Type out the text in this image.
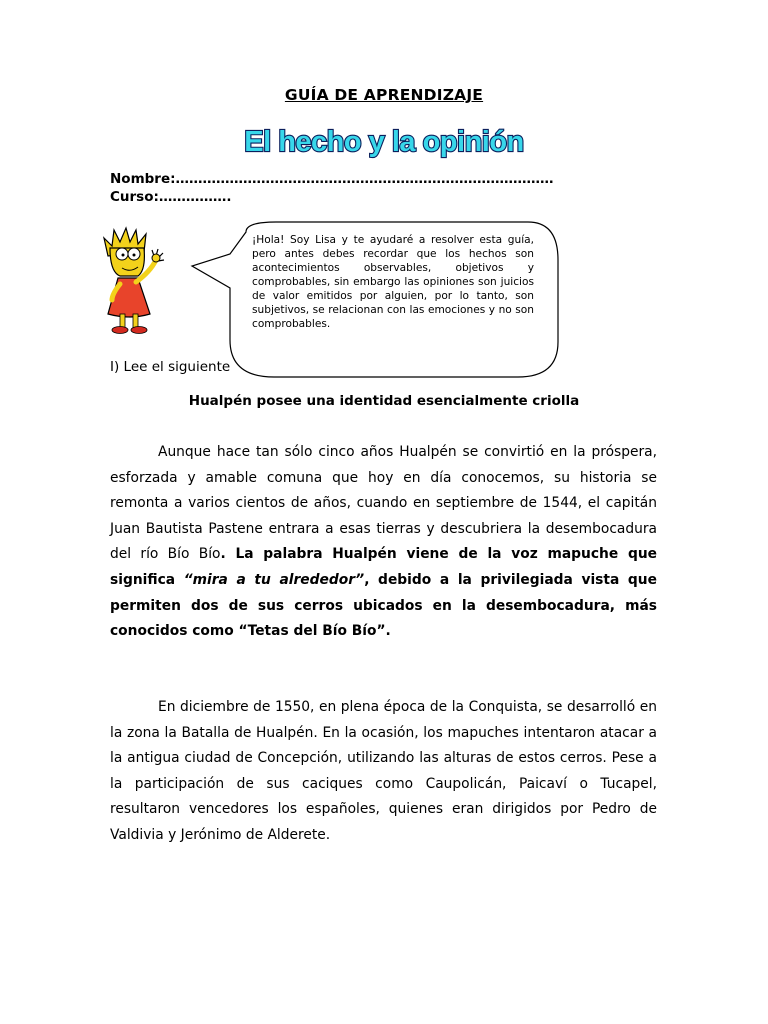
GUÍA DE APRENDIZAJE
El hecho y la opinión
Nombre:…………………………………………………………………………
Curso:…………….
¡Hola! Soy Lisa y te ayudaré a resolver esta guía, pero antes debes recordar que los hechos son acontecimientos observables, objetivos y comprobables, sin embargo las opiniones son juicios de valor emitidos por alguien, por lo tanto, son subjetivos, se relacionan con las emociones y no son comprobables.
I) Lee el siguiente
Hualpén posee una identidad esencialmente criolla
Aunque hace tan sólo cinco años Hualpén se convirtió en la próspera, esforzada y amable comuna que hoy en día conocemos, su historia se remonta a varios cientos de años, cuando en septiembre de 1544, el capitán Juan Bautista Pastene entrara a esas tierras y descubriera la desembocadura del río Bío Bío. La palabra Hualpén viene de la voz mapuche que significa “mira a tu alrededor”, debido a la privilegiada vista que permiten dos de sus cerros ubicados en la desembocadura, más conocidos como “Tetas del Bío Bío”.
En diciembre de 1550, en plena época de la Conquista, se desarrolló en la zona la Batalla de Hualpén. En la ocasión, los mapuches intentaron atacar a la antigua ciudad de Concepción, utilizando las alturas de estos cerros. Pese a la participación de sus caciques como Caupolicán, Paicaví o Tucapel, resultaron vencedores los españoles, quienes eran dirigidos por Pedro de Valdivia y Jerónimo de Alderete.
